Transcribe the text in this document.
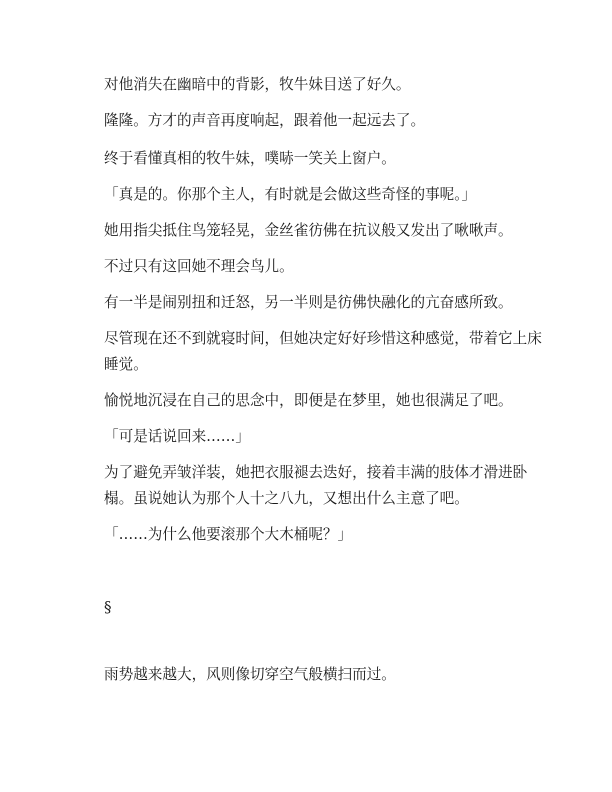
对他消失在幽暗中的背影，牧牛妹目送了好久。

隆隆。方才的声音再度响起，跟着他一起远去了。

终于看懂真相的牧牛妹，噗哧一笑关上窗户。

「真是的。你那个主人，有时就是会做这些奇怪的事呢。」

她用指尖抵住鸟笼轻晃，金丝雀彷佛在抗议般又发出了啾啾声。

不过只有这回她不理会鸟儿。

有一半是闹别扭和迁怒，另一半则是彷佛快融化的亢奋感所致。

尽管现在还不到就寝时间，但她决定好好珍惜这种感觉，带着它上床睡觉。

愉悦地沉浸在自己的思念中，即便是在梦里，她也很满足了吧。

「可是话说回来……」

为了避免弄皱洋装，她把衣服褪去迭好，接着丰满的肢体才滑进卧榻。虽说她认为那个人十之八九，又想出什么主意了吧。

「……为什么他要滚那个大木桶呢？」

§

雨势越来越大，风则像切穿空气般横扫而过。
